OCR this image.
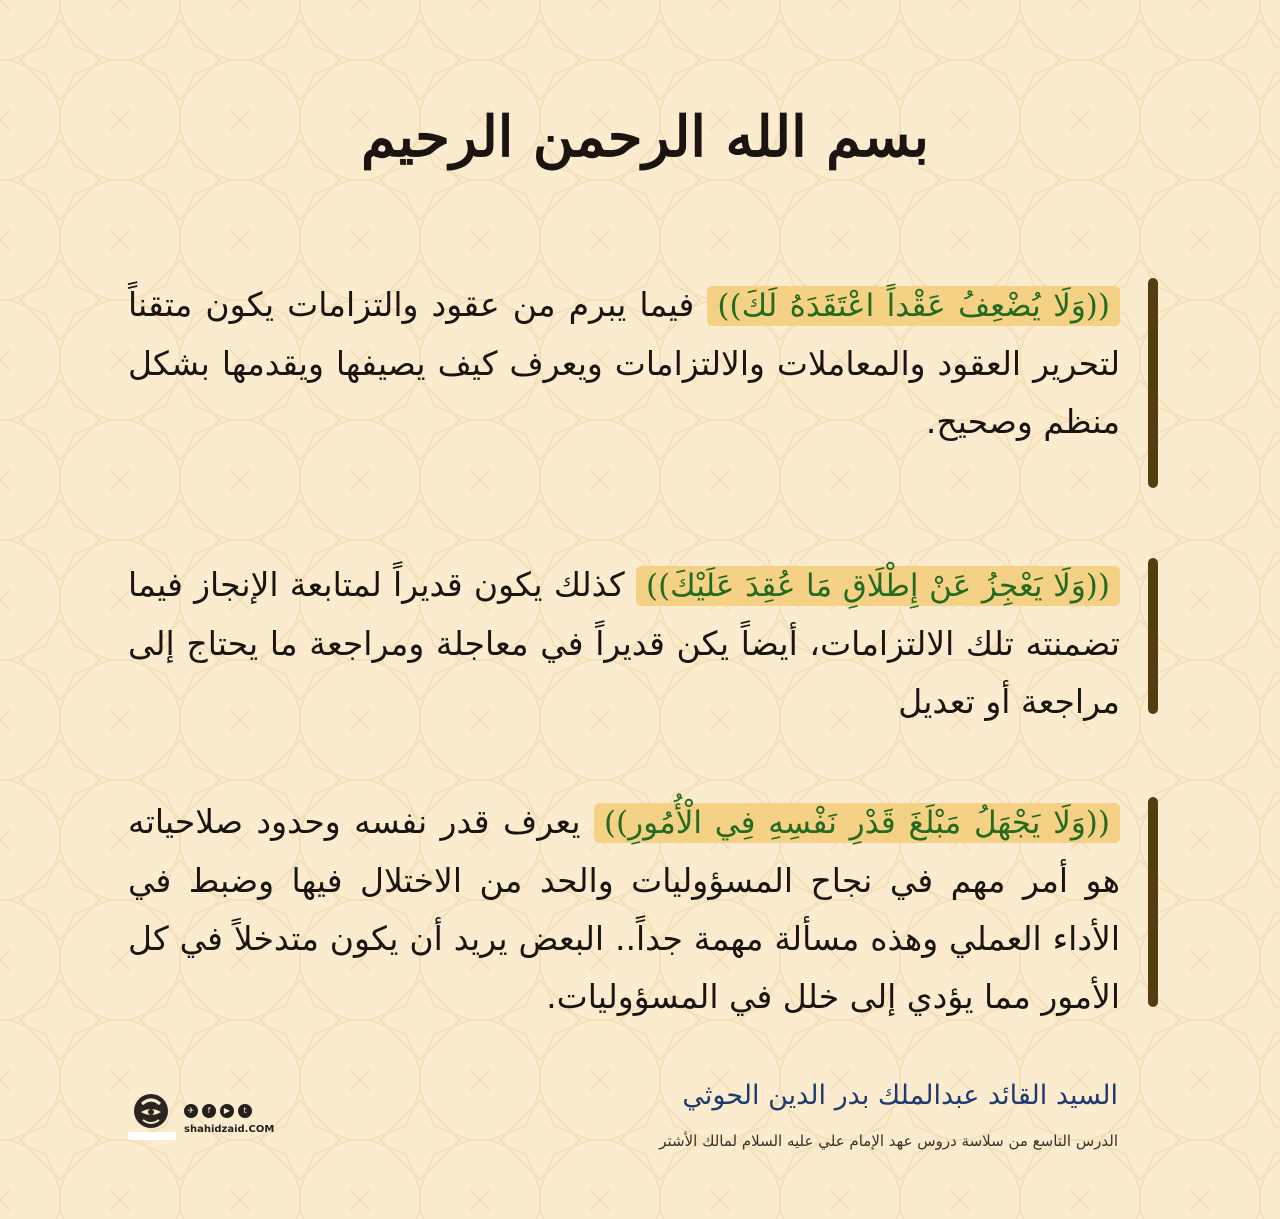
بسم الله الرحمن الرحيم

((وَلَا يُضْعِفُ عَقْداً اعْتَقَدَهُ لَكَ)) فيما يبرم من عقود والتزامات يكون متقناً لتحرير العقود والمعاملات والالتزامات ويعرف كيف يصيفها ويقدمها بشكل منظم وصحيح.

((وَلَا يَعْجِزُ عَنْ إِطْلَاقِ مَا عُقِدَ عَلَيْكَ)) كذلك يكون قديراً لمتابعة الإنجاز فيما تضمنته تلك الالتزامات، أيضاً يكن قديراً في معاجلة ومراجعة ما يحتاج إلى مراجعة أو تعديل

((وَلَا يَجْهَلُ مَبْلَغَ قَدْرِ نَفْسِهِ فِي الْأُمُورِ)) يعرف قدر نفسه وحدود صلاحياته هو أمر مهم في نجاح المسؤوليات والحد من الاختلال فيها وضبط في الأداء العملي وهذه مسألة مهمة جداً.. البعض يريد أن يكون متدخلاً في كل الأمور مما يؤدي إلى خلل في المسؤوليات.

السيد القائد عبدالملك بدر الدين الحوثي
الدرس التاسع من سلاسة دروس عهد الإمام علي عليه السلام لمالك الأشتر
✈	f	▶	t
shahidzaid.COM
